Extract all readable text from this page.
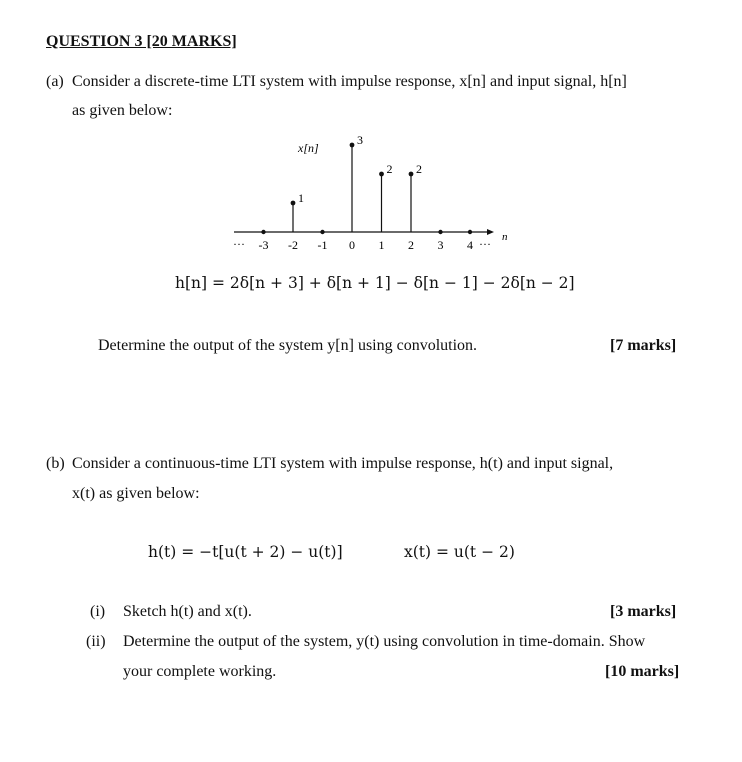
QUESTION 3 [20 MARKS]
(a) Consider a discrete-time LTI system with impulse response, x[n] and input signal, h[n]
as given below:
n
···	···
x[n]
-3 -2
1
-1 0
3
1
2
2
2
3 4
h[n] = 2δ[n + 3] + δ[n + 1] − δ[n − 1] − 2δ[n − 2]
Determine the output of the system y[n] using convolution.	[7 marks]
(b) Consider a continuous-time LTI system with impulse response, h(t) and input signal,
x(t) as given below:
h(t) = −t[u(t + 2) − u(t)]	x(t) = u(t − 2)
(i) Sketch h(t) and x(t).	[3 marks]
(ii) Determine the output of the system, y(t) using convolution in time-domain. Show
your complete working.	[10 marks]
